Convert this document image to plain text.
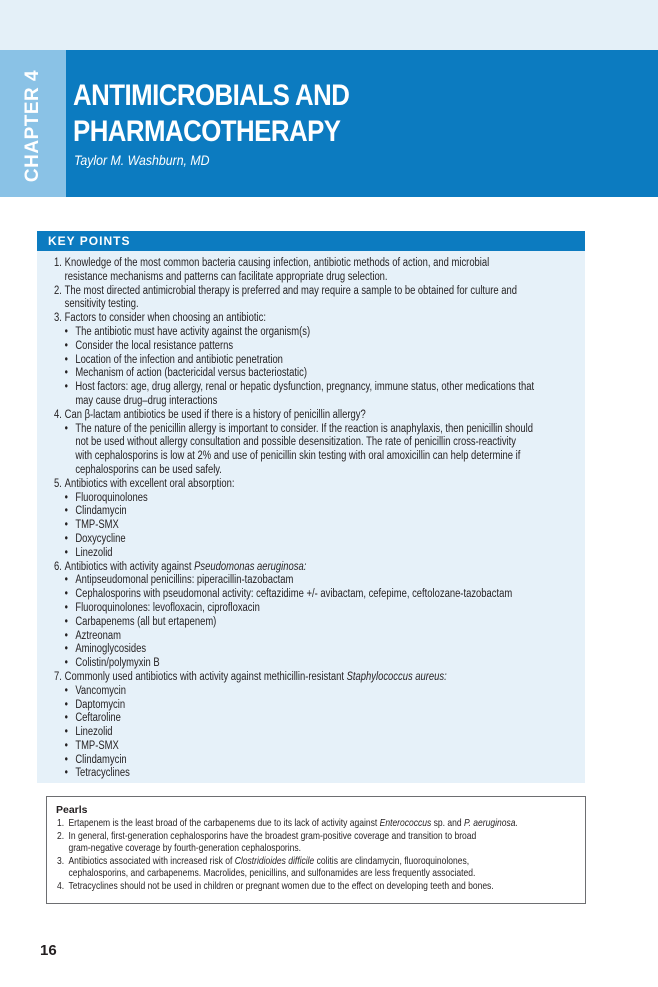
CHAPTER 4 ANTIMICROBIALS AND
PHARMACOTHERAPY
Taylor M. Washburn, MD
KEY POINTS
1. Knowledge of the most common bacteria causing infection, antibiotic methods of action, and microbial
resistance mechanisms and patterns can facilitate appropriate drug selection.
2. The most directed antimicrobial therapy is preferred and may require a sample to be obtained for culture and
sensitivity testing.
3. Factors to consider when choosing an antibiotic:
• The antibiotic must have activity against the organism(s)
• Consider the local resistance patterns
• Location of the infection and antibiotic penetration
• Mechanism of action (bactericidal versus bacteriostatic)
• Host factors: age, drug allergy, renal or hepatic dysfunction, pregnancy, immune status, other medications that
may cause drug–drug interactions
4. Can β-lactam antibiotics be used if there is a history of penicillin allergy?
• The nature of the penicillin allergy is important to consider. If the reaction is anaphylaxis, then penicillin should
not be used without allergy consultation and possible desensitization. The rate of penicillin cross-reactivity
with cephalosporins is low at 2% and use of penicillin skin testing with oral amoxicillin can help determine if
cephalosporins can be used safely.
5. Antibiotics with excellent oral absorption:
• Fluoroquinolones
• Clindamycin
• TMP-SMX
• Doxycycline
• Linezolid
6. Antibiotics with activity against Pseudomonas aeruginosa:
• Antipseudomonal penicillins: piperacillin-tazobactam
• Cephalosporins with pseudomonal activity: ceftazidime +/- avibactam, cefepime, ceftolozane-tazobactam
• Fluoroquinolones: levofloxacin, ciprofloxacin
• Carbapenems (all but ertapenem)
• Aztreonam
• Aminoglycosides
• Colistin/polymyxin B
7. Commonly used antibiotics with activity against methicillin-resistant Staphylococcus aureus:
• Vancomycin
• Daptomycin
• Ceftaroline
• Linezolid
• TMP-SMX
• Clindamycin
• Tetracyclines
Pearls
1. Ertapenem is the least broad of the carbapenems due to its lack of activity against Enterococcus sp. and P. aeruginosa.
2. In general, first-generation cephalosporins have the broadest gram-positive coverage and transition to broad
gram-negative coverage by fourth-generation cephalosporins.
3. Antibiotics associated with increased risk of Clostridioides difficile colitis are clindamycin, fluoroquinolones,
cephalosporins, and carbapenems. Macrolides, penicillins, and sulfonamides are less frequently associated.
4. Tetracyclines should not be used in children or pregnant women due to the effect on developing teeth and bones.
16
